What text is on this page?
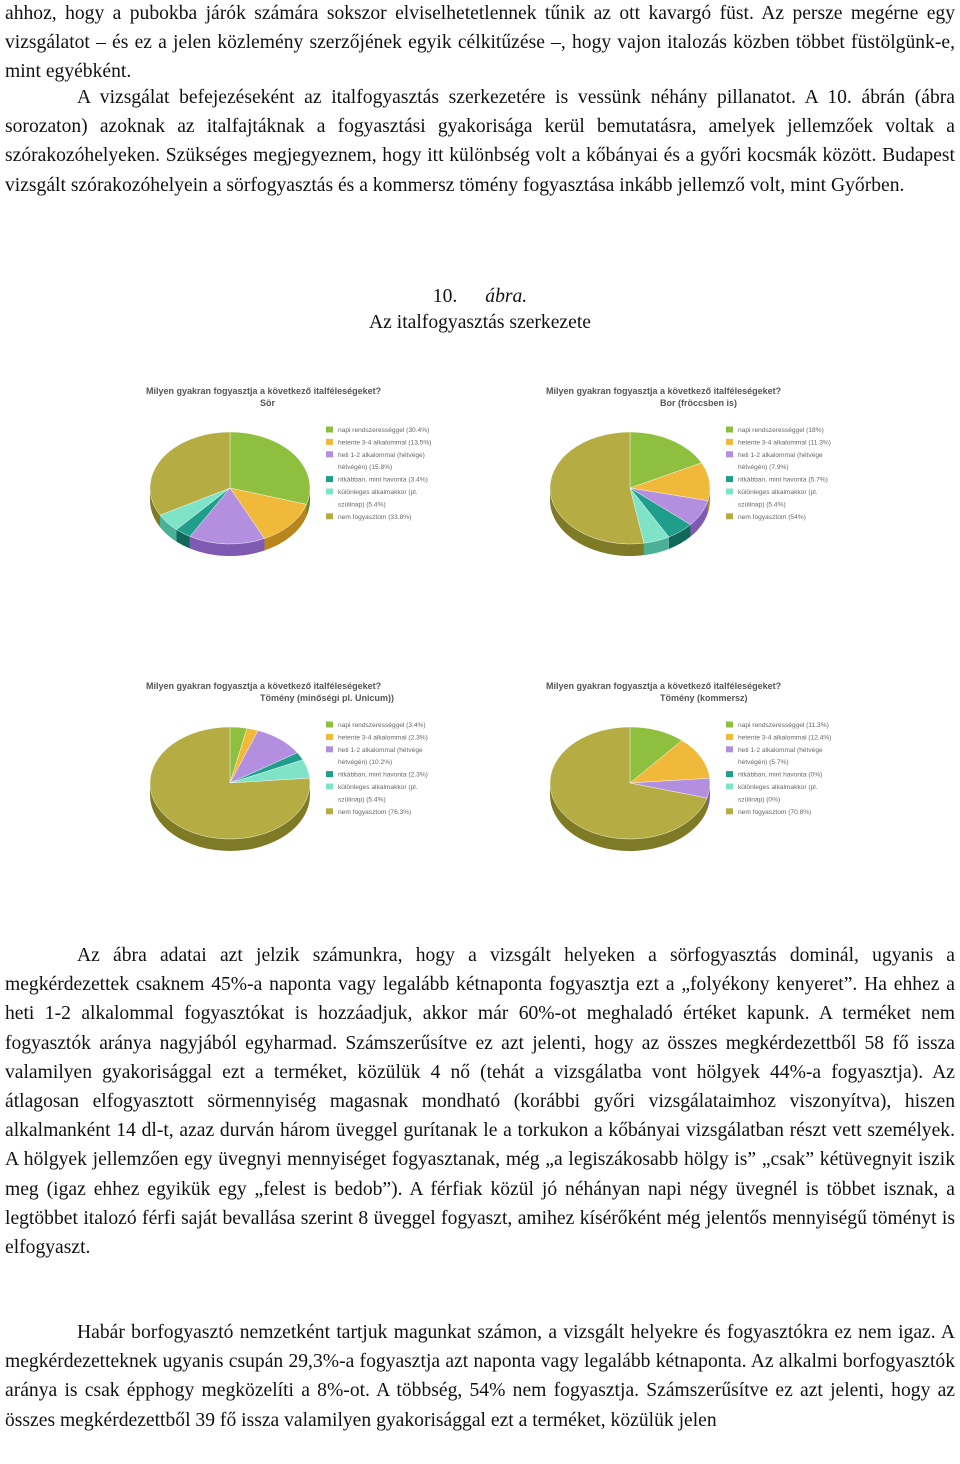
ahhoz, hogy a pubokba járók számára sokszor elviselhetetlennek tűnik az ott kavargó füst. Az persze megérne egy vizsgálatot – és ez a jelen közlemény szerzőjének egyik célkitűzése –, hogy vajon italozás közben többet füstölgünk-e, mint egyébként.

A vizsgálat befejezéseként az italfogyasztás szerkezetére is vessünk néhány pillanatot. A 10. ábrán (ábra sorozaton) azoknak az italfajtáknak a fogyasztási gyakorisága kerül bemutatásra, amelyek jellemzőek voltak a szórakozóhelyeken. Szükséges megjegyeznem, hogy itt különbség volt a kőbányai és a győri kocsmák között. Budapest vizsgált szórakozóhelyein a sörfogyasztás és a kommersz tömény fogyasztása inkább jellemző volt, mint Győrben.

10. ábra.
Az italfogyasztás szerkezete
Milyen gyakran fogyasztja a következő italféleségeket?
Sör
napi rendszerességgel (30.4%)
hetente 3-4 alkalommal (13.5%)
heti 1-2 alkalommal (hétvége)
hétvégén) (15.8%)
ritkábban, mint havonta (3.4%)
különleges alkalmakkor (pl.
szülinap) (5.4%)
nem fogyasztom (33.8%)
Milyen gyakran fogyasztja a következő italféleségeket?
Bor (fröccsben is)
napi rendszerességgel (18%)
hetente 3-4 alkalommal (11.3%)
heti 1-2 alkalommal (hétvége
hétvégén) (7.9%)
ritkábban, mint havonta (5.7%)
különleges alkalmakkor (pl.
szülinap) (5.4%)
nem fogyasztom (54%)
Milyen gyakran fogyasztja a következő italféleségeket?
Tömény (minőségi pl. Unicum))
napi rendszerességgel (3.4%)
hetente 3-4 alkalommal (2.3%)
heti 1-2 alkalommal (hétvége
hétvégén) (10.2%)
ritkábban, mint havonta (2.3%)
különleges alkalmakkor (pl.
szülinap) (5.4%)
nem fogyasztom (76.3%)
Milyen gyakran fogyasztja a következő italféleségeket?
Tömény (kommersz)
napi rendszerességgel (11.3%)
hetente 3-4 alkalommal (12.4%)
heti 1-2 alkalommal (hétvége
hétvégén) (5.7%)
ritkábban, mint havonta (0%)
különleges alkalmakkor (pl.
szülinap) (0%)
nem fogyasztom (70.8%)

Az ábra adatai azt jelzik számunkra, hogy a vizsgált helyeken a sörfogyasztás dominál, ugyanis a megkérdezettek csaknem 45%-a naponta vagy legalább kétnaponta fogyasztja ezt a „folyékony kenyeret”. Ha ehhez a heti 1-2 alkalommal fogyasztókat is hozzáadjuk, akkor már 60%-ot meghaladó értéket kapunk. A terméket nem fogyasztók aránya nagyjából egyharmad. Számszerűsítve ez azt jelenti, hogy az összes megkérdezettből 58 fő issza valamilyen gyakorisággal ezt a terméket, közülük 4 nő (tehát a vizsgálatba vont hölgyek 44%-a fogyasztja). Az átlagosan elfogyasztott sörmennyiség magasnak mondható (korábbi győri vizsgálataimhoz viszonyítva), hiszen alkalmanként 14 dl-t, azaz durván három üveggel gurítanak le a torkukon a kőbányai vizsgálatban részt vett személyek. A hölgyek jellemzően egy üvegnyi mennyiséget fogyasztanak, még „a legiszákosabb hölgy is” „csak” kétüvegnyit iszik meg (igaz ehhez egyikük egy „felest is bedob”). A férfiak közül jó néhányan napi négy üvegnél is többet isznak, a legtöbbet italozó férfi saját bevallása szerint 8 üveggel fogyaszt, amihez kísérőként még jelentős mennyiségű töményt is elfogyaszt.

Habár borfogyasztó nemzetként tartjuk magunkat számon, a vizsgált helyekre és fogyasztókra ez nem igaz. A megkérdezetteknek ugyanis csupán 29,3%-a fogyasztja azt naponta vagy legalább kétnaponta. Az alkalmi borfogyasztók aránya is csak épphogy megközelíti a 8%-ot. A többség, 54% nem fogyasztja. Számszerűsítve ez azt jelenti, hogy az összes megkérdezettből 39 fő issza valamilyen gyakorisággal ezt a terméket, közülük jelen
